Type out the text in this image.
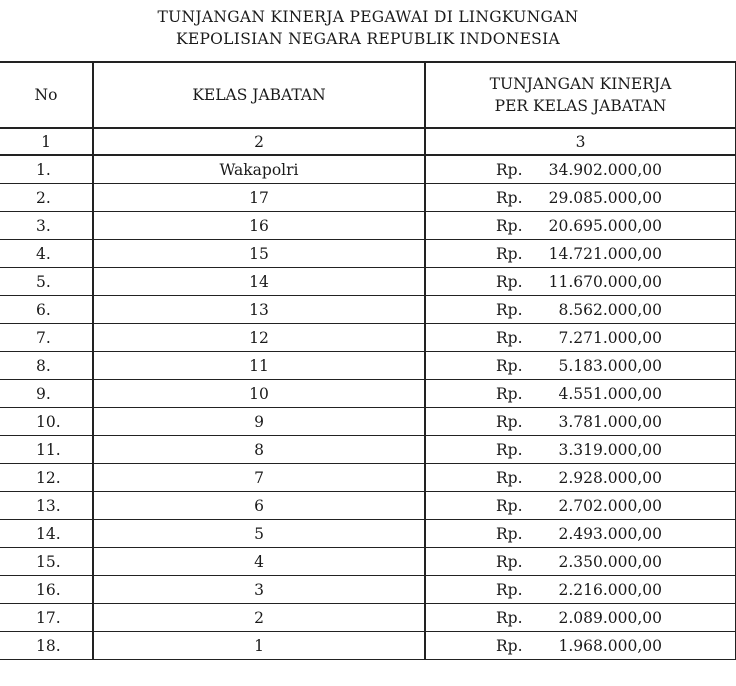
TUNJANGAN KINERJA PEGAWAI DI LINGKUNGAN
KEPOLISIAN NEGARA REPUBLIK INDONESIA
No	KELAS JABATAN	TUNJANGAN KINERJA
PER KELAS JABATAN

1	2	3
1.	Wakapolri	Rp. 34.902.000,00

2.	17	Rp. 29.085.000,00

3.	16	Rp. 20.695.000,00

4.	15	Rp. 14.721.000,00

5.	14	Rp. 11.670.000,00

6.	13	Rp. 8.562.000,00

7.	12	Rp. 7.271.000,00

8.	11	Rp. 5.183.000,00

9.	10	Rp. 4.551.000,00

10.	9	Rp. 3.781.000,00

11.	8	Rp. 3.319.000,00

12.	7	Rp. 2.928.000,00

13.	6	Rp. 2.702.000,00

14.	5	Rp. 2.493.000,00

15.	4	Rp. 2.350.000,00

16.	3	Rp. 2.216.000,00

17.	2	Rp. 2.089.000,00

18.	1	Rp. 1.968.000,00
